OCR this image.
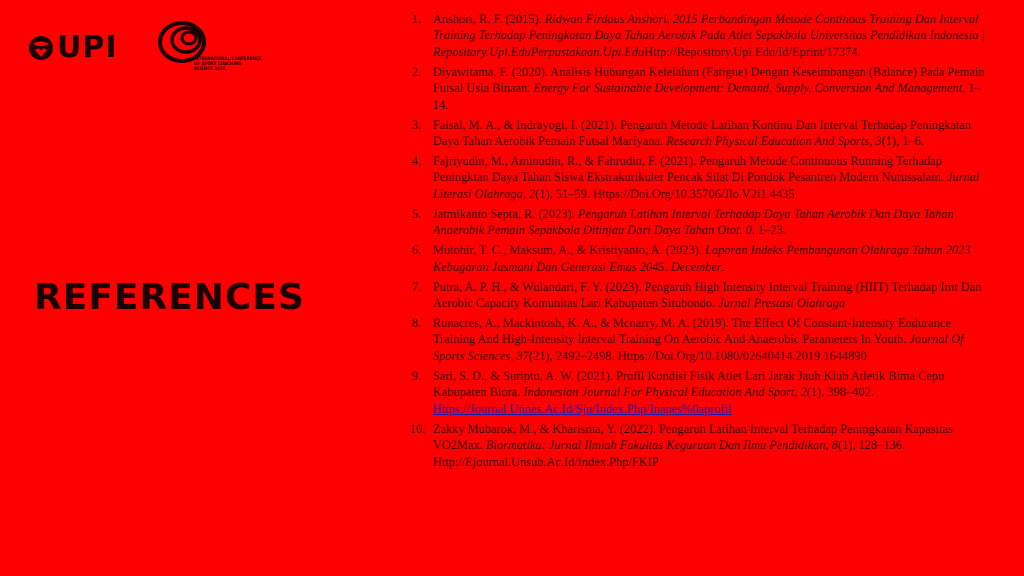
UPI	INTERNATIONAL CONFERENCE
OF SPORT COACHING
SCIENCE 2024
REFERENCES
1. Anshori, R. F. (2015). Ridwan Firdaus Anshori, 2015 Perbandingan Metode Continous Training Dan Interval Training Terhadap Peningkatan Daya Tahan Aerobik Pada Atlet Sepakbola Universitas Pendidikan Indonesia | Repository.Upi.EduPerpustakaan.Upi.EduHttp://Repository.Upi.Edu/Id/Eprint/17374.
2. Diyawitama, F. (2020). Analisis Hubungan Kelelahan (Fatigue) Dengan Keseimbangan (Balance) Pada Pemain Futsal Usia Binaan. Energy For Sustainable Development: Demand, Supply, Conversion And Management, 1–14.
3. Faisal, M. A., & Indrayogi, I. (2021). Pengaruh Metode Latihan Kontinu Dan Interval Terhadap Peningkatan Daya Tahan Aerobik Pemain Futsal Marfyana. Research Physical Education And Sports, 3(1), 1–6.
4. Fajriyudin, M., Aminudin, R., & Fahrudin, F. (2021). Pengaruh Metode Continuous Running Terhadap Peningktan Daya Tahan Siswa Ekstrakurikuler Pencak Silat Di Pondok Pesantren Modern Nurussalam. Jurnal Literasi Olahraga, 2(1), 51–59. Https://Doi.Org/10.35706/Jlo.V2i1.4435
5. Jatmikanto Septa, R. (2023). Pengaruh Latihan Interval Terhadap Daya Tahan Aerobik Dan Daya Tahan Anaerobik Pemain Sepakbola Ditinjau Dari Daya Tahan Otot. 0, 1–23.
6. Mutohir, T. C., Maksum, A., & Kristiyanto, A. (2023). Laporan Indeks Pembangunan Olahraga Tahun 2023 Kebugaran Jasmani Dan Generasi Emas 2045. December.
7. Putra, A. P. H., & Wulandari, F. Y. (2023). Pengaruh High Intensity Interval Training (HIIT) Terhadap Imt Dan Aerobic Capacity Komunitas Lari Kabupaten Situbondo. Jurnal Prestasi Olahraga
8. Runacres, A., Mackintosh, K. A., & Mcnarry, M. A. (2019). The Effect Of Constant-Intensity Endurance Training And High-Intensity Interval Training On Aerobic And Anaerobic Parameters In Youth. Journal Of Sports Sciences, 37(21), 2492–2498. Https://Doi.Org/10.1080/02640414.2019.1644890
9. Sari, S. D., & Suripto, A. W. (2021). Profil Kondisi Fisik Atlet Lari Jarak Jauh Klub Atletik Bima Cepu Kabupaten Blora. Indonesian Journal For Physical Education And Sport, 2(1), 398–402. Https://Journal.Unnes.Ac.Id/Sju/Index.Php/Inapes%0aprofil
10. Zakky Mubarok, M., & Kharisma, Y. (2022). Pengaruh Latihan Interval Terhadap Peningkatan Kapasitas VO2Max. Biormatika: Jurnal Ilmiah Fakultas Keguruan Dan Ilmu Pendidikan, 8(1), 128–136. Http://Ejournal.Unsub.Ac.Id/Index.Php/FKIP
